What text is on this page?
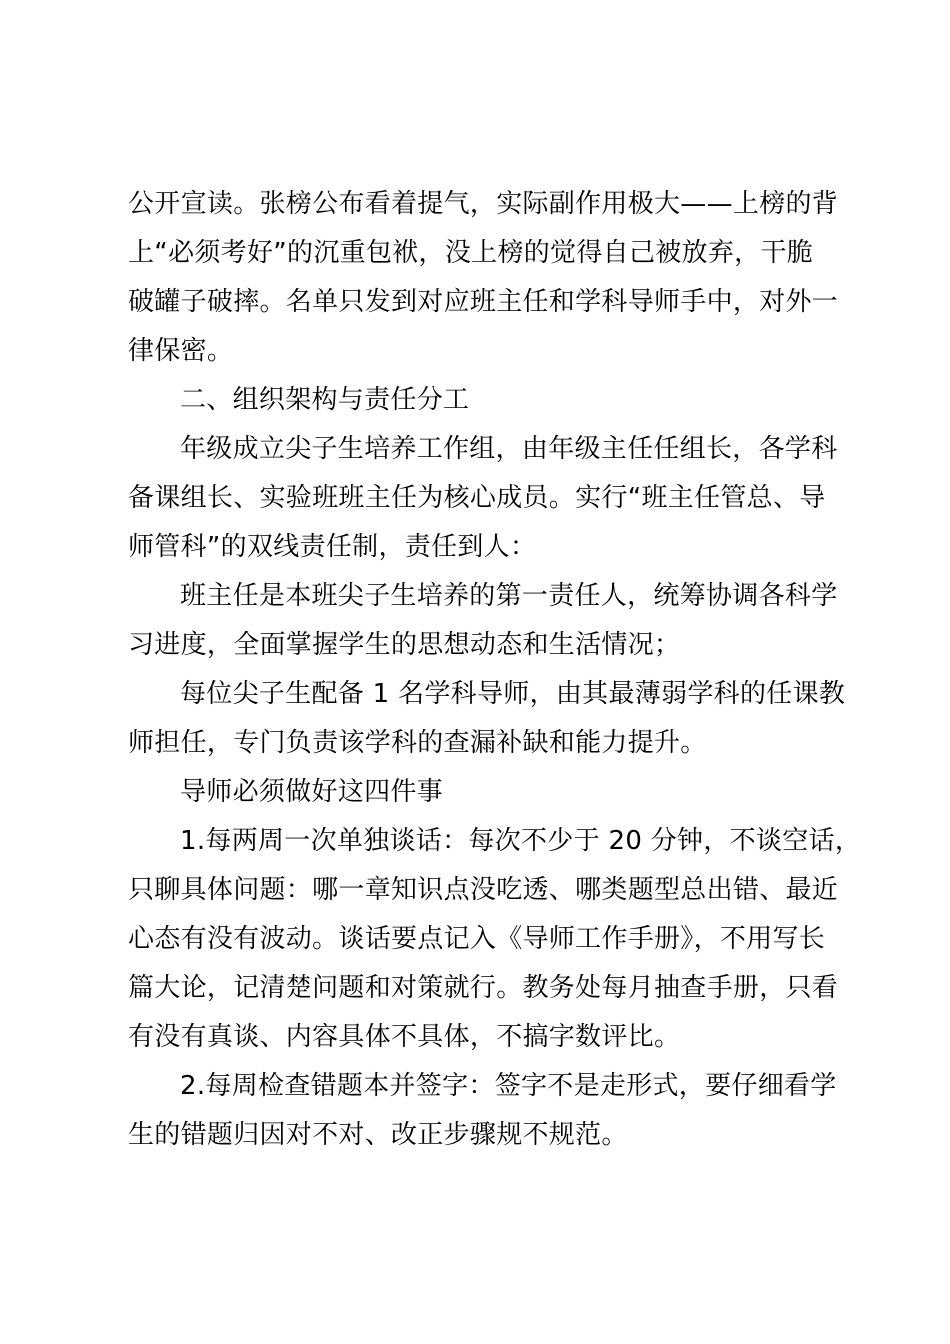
公开宣读。张榜公布看着提气，实际副作用极大——上榜的背
上“必须考好”的沉重包袱，没上榜的觉得自己被放弃，干脆
破罐子破摔。名单只发到对应班主任和学科导师手中，对外一
律保密。
二、组织架构与责任分工
年级成立尖子生培养工作组，由年级主任任组长，各学科
备课组长、实验班班主任为核心成员。实行“班主任管总、导
师管科”的双线责任制，责任到人：
班主任是本班尖子生培养的第一责任人，统筹协调各科学
习进度，全面掌握学生的思想动态和生活情况；
每位尖子生配备 1 名学科导师，由其最薄弱学科的任课教
师担任，专门负责该学科的查漏补缺和能力提升。
导师必须做好这四件事
1.每两周一次单独谈话：每次不少于 20 分钟，不谈空话，
只聊具体问题：哪一章知识点没吃透、哪类题型总出错、最近
心态有没有波动。谈话要点记入《导师工作手册》，不用写长
篇大论，记清楚问题和对策就行。教务处每月抽查手册，只看
有没有真谈、内容具体不具体，不搞字数评比。
2.每周检查错题本并签字：签字不是走形式，要仔细看学
生的错题归因对不对、改正步骤规不规范。
